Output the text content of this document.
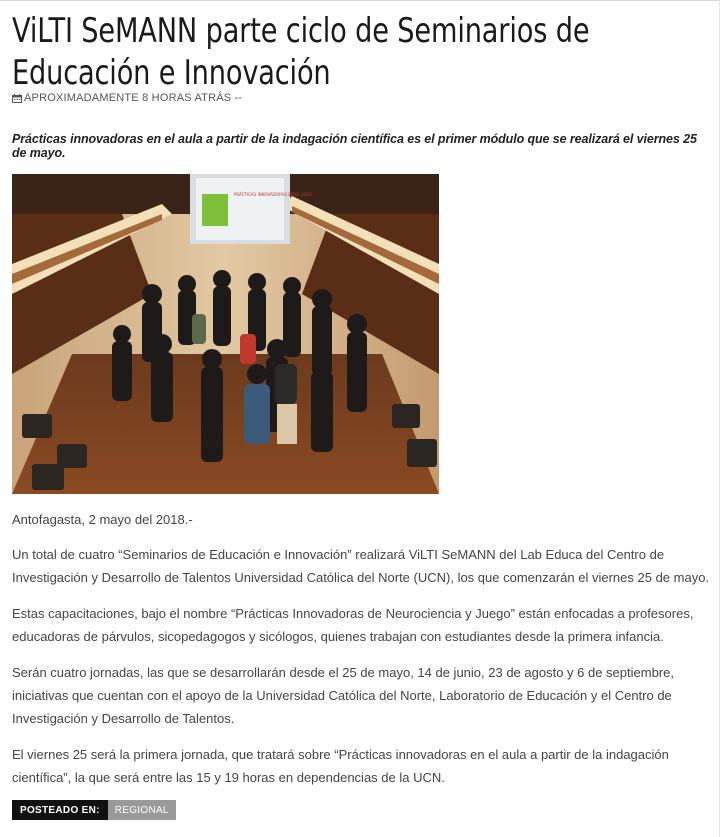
ViLTI SeMANN parte ciclo de Seminarios de Educación e Innovación
APROXIMADAMENTE 8 HORAS ATRÁS --
Prácticas innovadoras en el aula a partir de la indagación científica es el primer módulo que se realizará el viernes 25 de mayo.
PRÁCTICAS INNOVADORAS EN EL AULA

Antofagasta, 2 mayo del 2018.-

Un total de cuatro “Seminarios de Educación e Innovación” realizará ViLTI SeMANN del Lab Educa del Centro de Investigación y Desarrollo de Talentos Universidad Católica del Norte (UCN), los que comenzarán el viernes 25 de mayo.

Estas capacitaciones, bajo el nombre “Prácticas Innovadoras de Neurociencia y Juego” están enfocadas a profesores, educadoras de párvulos, sicopedagogos y sicólogos, quienes trabajan con estudiantes desde la primera infancia.

Serán cuatro jornadas, las que se desarrollarán desde el 25 de mayo, 14 de junio, 23 de agosto y 6 de septiembre, iniciativas que cuentan con el apoyo de la Universidad Católica del Norte, Laboratorio de Educación y el Centro de Investigación y Desarrollo de Talentos.

El viernes 25 será la primera jornada, que tratará sobre “Prácticas innovadoras en el aula a partir de la indagación científica”, la que será entre las 15 y 19 horas en dependencias de la UCN.

POSTEADO EN:	REGIONAL
